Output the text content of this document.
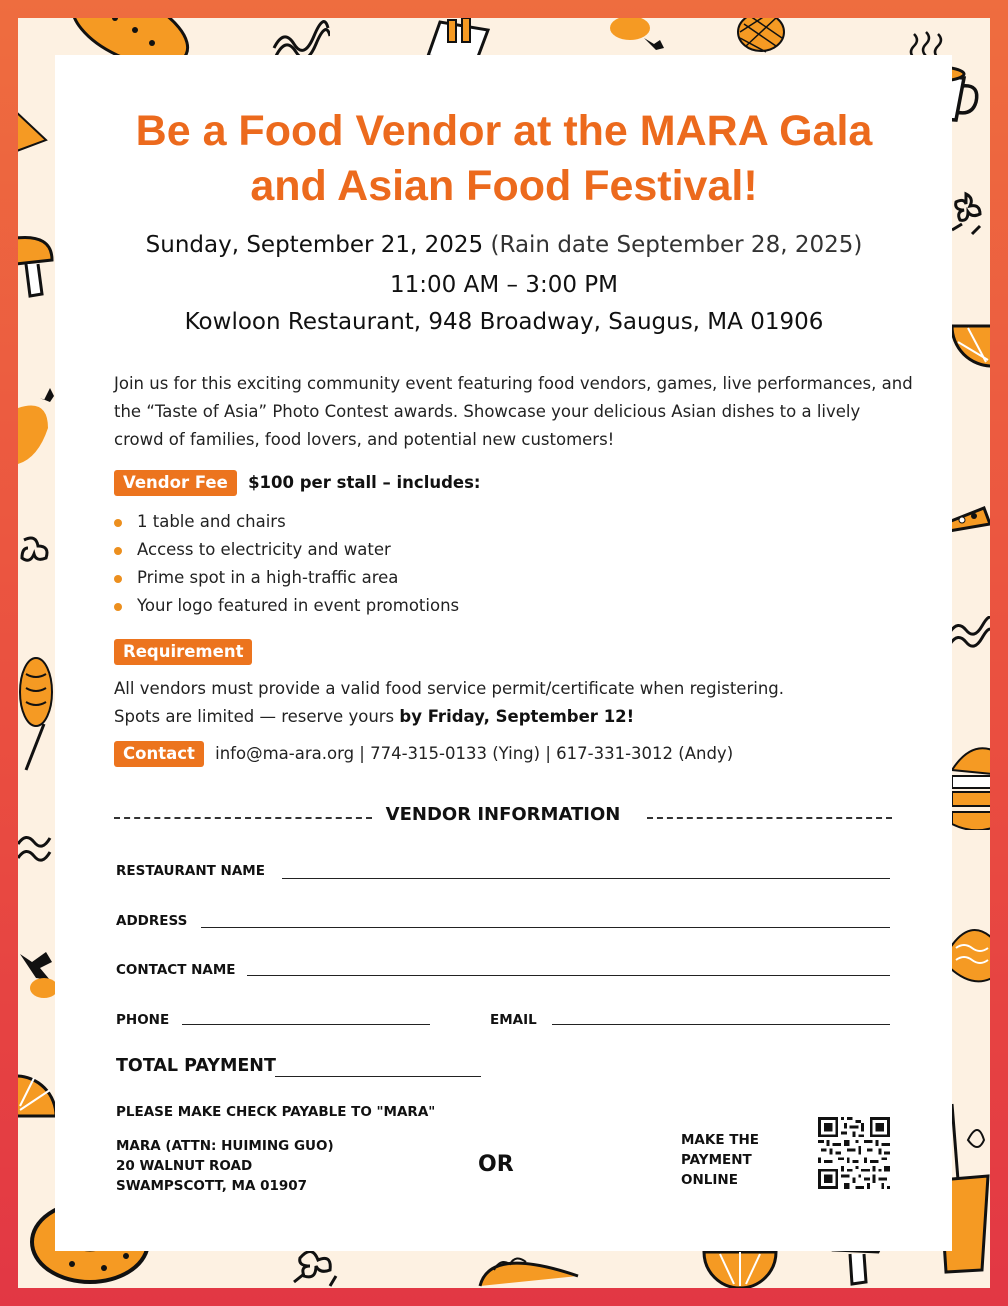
Be a Food Vendor at the MARA Gala
and Asian Food Festival!
Sunday, September 21, 2025 (Rain date September 28, 2025)
11:00 AM – 3:00 PM
Kowloon Restaurant, 948 Broadway, Saugus, MA 01906

Join us for this exciting community event featuring food vendors, games, live performances, and the “Taste of Asia” Photo Contest awards. Showcase your delicious Asian dishes to a lively crowd of families, food lovers, and potential new customers!

Vendor Fee $100 per stall – includes:
1 table and chairs
Access to electricity and water
Prime spot in a high-traffic area
Your logo featured in event promotions
Requirement
All vendors must provide a valid food service permit/certificate when registering.
Spots are limited — reserve yours by Friday, September 12!
Contact info@ma-ara.org | 774-315-0133 (Ying) | 617-331-3012 (Andy)
VENDOR INFORMATION
RESTAURANT NAME
ADDRESS
CONTACT NAME
PHONE	EMAIL
TOTAL PAYMENT
PLEASE MAKE CHECK PAYABLE TO "MARA"
MARA (ATTN: HUIMING GUO)
20 WALNUT ROAD
SWAMPSCOTT, MA 01907
OR
MAKE THE
PAYMENT
ONLINE
